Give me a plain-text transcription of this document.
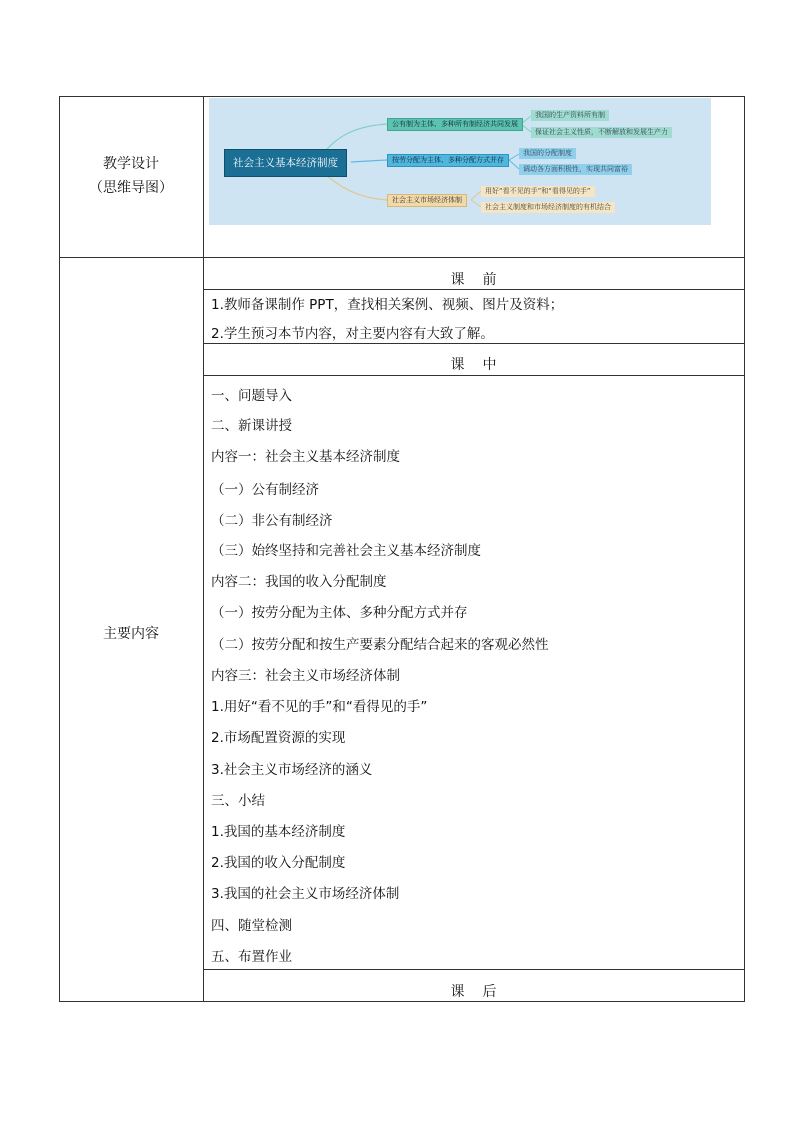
教学设计
（思维导图）
社会主义基本经济制度
公有制为主体、多种所有制经济共同发展
我国的生产资料所有制
保证社会主义性质，不断解放和发展生产力
按劳分配为主体、多种分配方式并存
我国的分配制度
调动各方面积极性，实现共同富裕
社会主义市场经济体制
用好“看不见的手”和“看得见的手”
社会主义制度和市场经济制度的有机结合
主要内容
课　前
1.教师备课制作 PPT，查找相关案例、视频、图片及资料；
2.学生预习本节内容，对主要内容有大致了解。
课　中
一、问题导入
二、新课讲授
内容一：社会主义基本经济制度
（一）公有制经济
（二）非公有制经济
（三）始终坚持和完善社会主义基本经济制度
内容二：我国的收入分配制度
（一）按劳分配为主体、多种分配方式并存
（二）按劳分配和按生产要素分配结合起来的客观必然性
内容三：社会主义市场经济体制
1.用好“看不见的手”和“看得见的手”
2.市场配置资源的实现
3.社会主义市场经济的涵义
三、小结
1.我国的基本经济制度
2.我国的收入分配制度
3.我国的社会主义市场经济体制
四、随堂检测
五、布置作业
课　后
